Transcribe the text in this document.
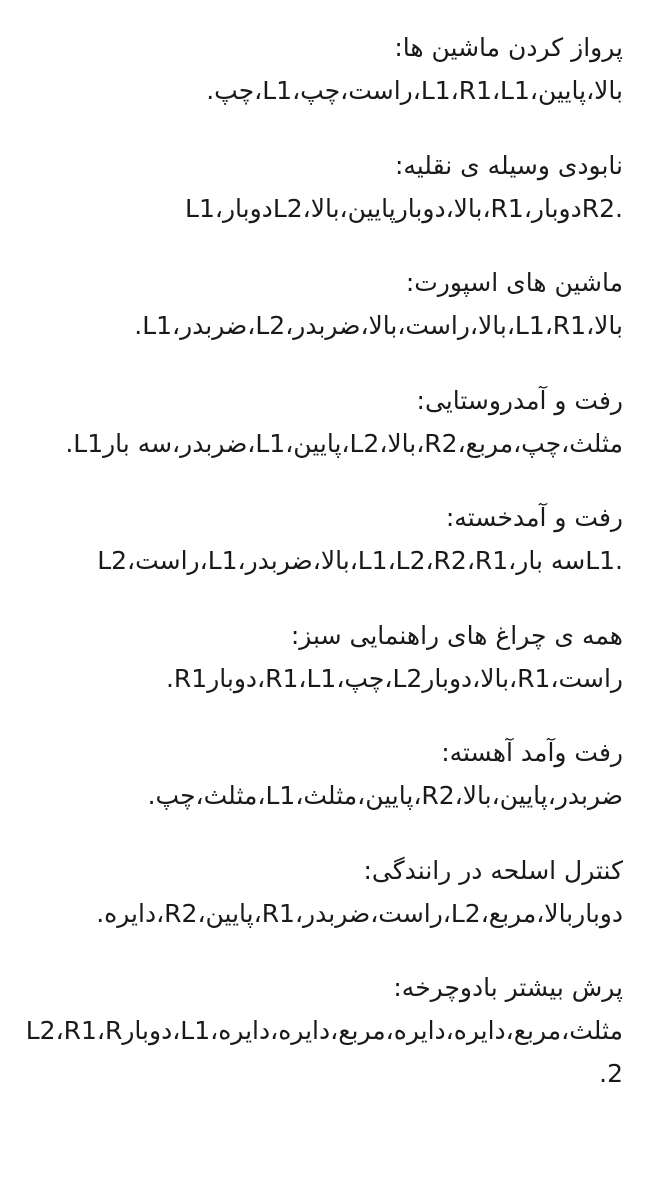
پرواز کردن ماشین ها:
بالا،پایین،L1،R1،L1،راست،چپ،L1،چپ.
نابودی وسیله ی نقلیه:
L1،دوبارL2،بالا،دوبارپایین،بالا،R1،دوبارR2.
ماشین های اسپورت:
بالا،L1،R1،بالا،راست،بالا،ضربدر،L2،ضربدر،L1.
رفت و آمدروستایی:
مثلث،چپ،مربع،R2،بالا،L2،پایین،L1،ضربدر،سه بارL1.
رفت و آمدخسته:
L2،راست،L1،بالا،ضربدر،L1،L2،R2،R1،سه بارL1.
همه ی چراغ های راهنمایی سبز:
راست،R1،بالا،دوبارL2،چپ،R1،L1،دوبارR1.
رفت وآمد آهسته:
ضربدر،پایین،بالا،R2،پایین،مثلث،L1،مثلث،چپ.
کنترل اسلحه در رانندگی: دوباربالا،مربع،L2،راست،ضربدر،R1،پایین،R2،دایره.
پرش بیشتر بادوچرخه: مثلث،مربع،دایره،دایره،مربع،دایره،دایره،L1،دوبارL2،R1،R2.
